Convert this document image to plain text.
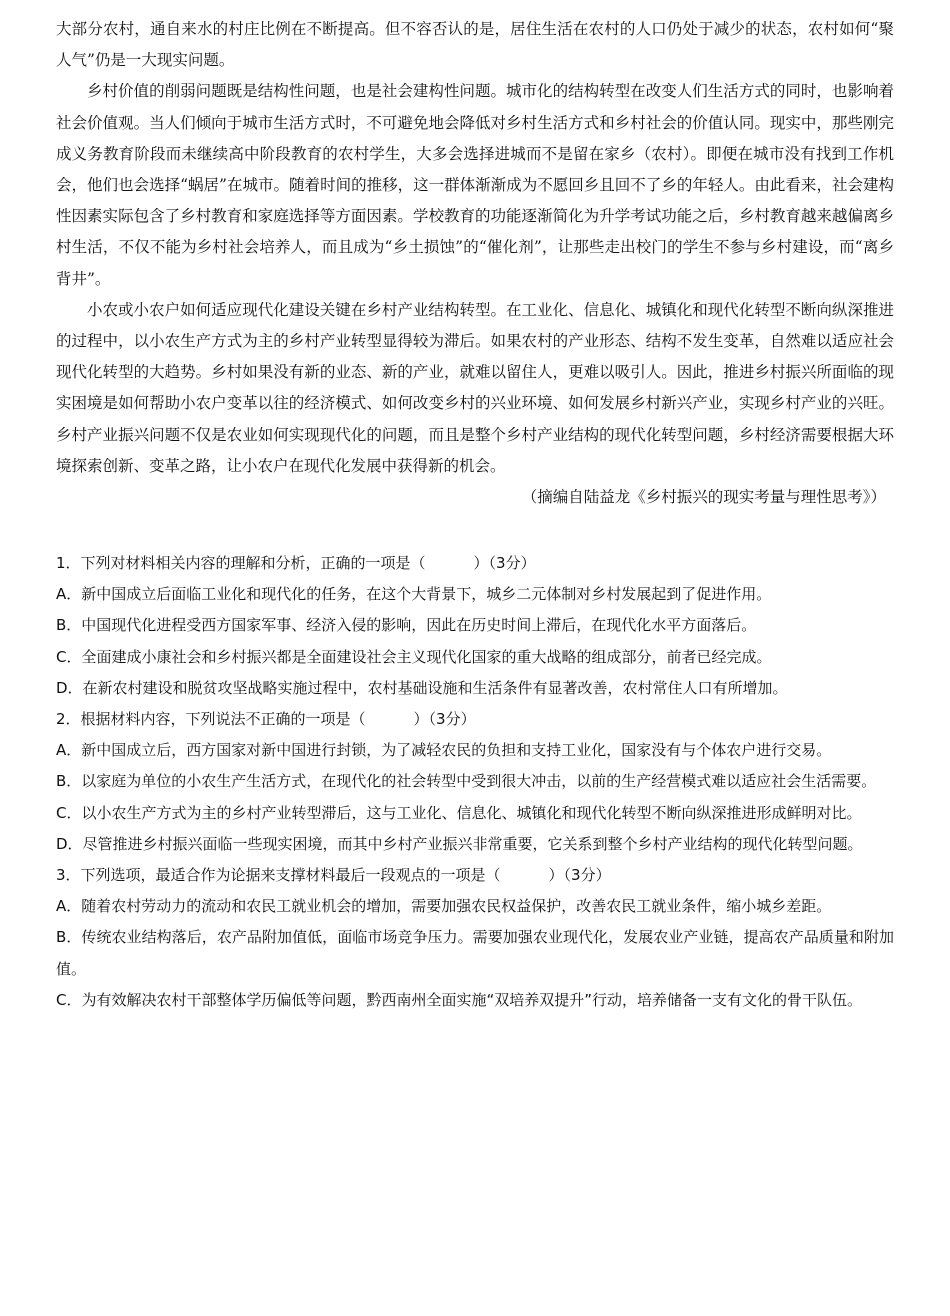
大部分农村，通自来水的村庄比例在不断提高。但不容否认的是，居住生活在农村的人口仍处于减少的状态，农村如何“聚人气”仍是一大现实问题。

乡村价值的削弱问题既是结构性问题，也是社会建构性问题。城市化的结构转型在改变人们生活方式的同时，也影响着社会价值观。当人们倾向于城市生活方式时，不可避免地会降低对乡村生活方式和乡村社会的价值认同。现实中，那些刚完成义务教育阶段而未继续高中阶段教育的农村学生，大多会选择进城而不是留在家乡（农村）。即便在城市没有找到工作机会，他们也会选择“蜗居”在城市。随着时间的推移，这一群体渐渐成为不愿回乡且回不了乡的年轻人。由此看来，社会建构性因素实际包含了乡村教育和家庭选择等方面因素。学校教育的功能逐渐简化为升学考试功能之后，乡村教育越来越偏离乡村生活，不仅不能为乡村社会培养人，而且成为“乡土损蚀”的“催化剂”，让那些走出校门的学生不参与乡村建设，而“离乡背井”。

小农或小农户如何适应现代化建设关键在乡村产业结构转型。在工业化、信息化、城镇化和现代化转型不断向纵深推进的过程中，以小农生产方式为主的乡村产业转型显得较为滞后。如果农村的产业形态、结构不发生变革，自然难以适应社会现代化转型的大趋势。乡村如果没有新的业态、新的产业，就难以留住人，更难以吸引人。因此，推进乡村振兴所面临的现实困境是如何帮助小农户变革以往的经济模式、如何改变乡村的兴业环境、如何发展乡村新兴产业，实现乡村产业的兴旺。乡村产业振兴问题不仅是农业如何实现现代化的问题，而且是整个乡村产业结构的现代化转型问题，乡村经济需要根据大环境探索创新、变革之路，让小农户在现代化发展中获得新的机会。

（摘编自陆益龙《乡村振兴的现实考量与理性思考》）

1．下列对材料相关内容的理解和分析，正确的一项是（	）（3分）

A．新中国成立后面临工业化和现代化的任务，在这个大背景下，城乡二元体制对乡村发展起到了促进作用。

B．中国现代化进程受西方国家军事、经济入侵的影响，因此在历史时间上滞后，在现代化水平方面落后。

C．全面建成小康社会和乡村振兴都是全面建设社会主义现代化国家的重大战略的组成部分，前者已经完成。

D．在新农村建设和脱贫攻坚战略实施过程中，农村基础设施和生活条件有显著改善，农村常住人口有所增加。

2．根据材料内容，下列说法不正确的一项是（	）（3分）

A．新中国成立后，西方国家对新中国进行封锁，为了减轻农民的负担和支持工业化，国家没有与个体农户进行交易。

B．以家庭为单位的小农生产生活方式，在现代化的社会转型中受到很大冲击，以前的生产经营模式难以适应社会生活需要。

C．以小农生产方式为主的乡村产业转型滞后，这与工业化、信息化、城镇化和现代化转型不断向纵深推进形成鲜明对比。

D．尽管推进乡村振兴面临一些现实困境，而其中乡村产业振兴非常重要，它关系到整个乡村产业结构的现代化转型问题。

3．下列选项，最适合作为论据来支撑材料最后一段观点的一项是（	）（3分）

A．随着农村劳动力的流动和农民工就业机会的增加，需要加强农民权益保护，改善农民工就业条件，缩小城乡差距。

B．传统农业结构落后，农产品附加值低，面临市场竞争压力。需要加强农业现代化，发展农业产业链，提高农产品质量和附加值。

C．为有效解决农村干部整体学历偏低等问题，黔西南州全面实施“双培养双提升”行动，培养储备一支有文化的骨干队伍。
